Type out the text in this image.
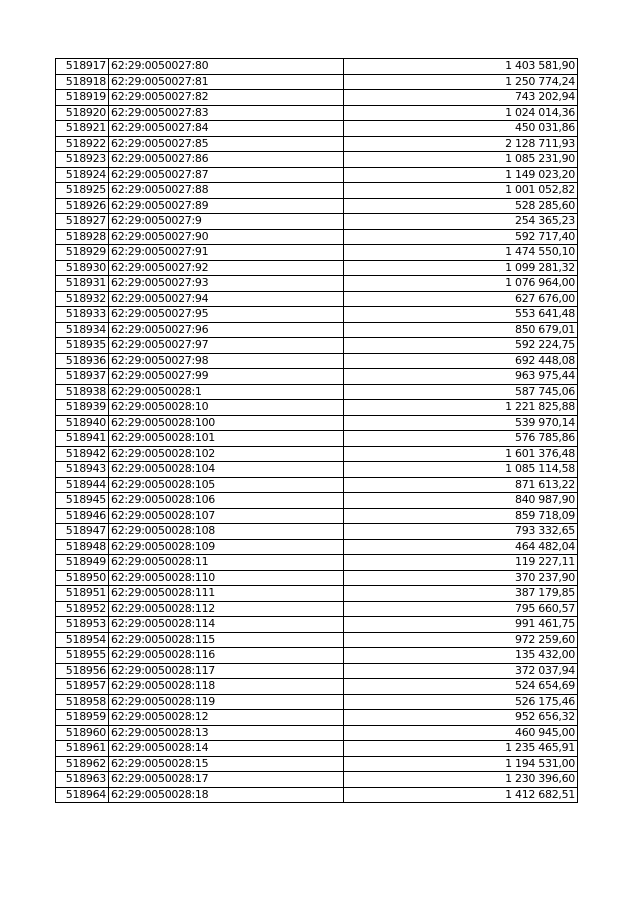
518917	62:29:0050027:80	1 403 581,90
518918	62:29:0050027:81	1 250 774,24
518919	62:29:0050027:82	743 202,94
518920	62:29:0050027:83	1 024 014,36
518921	62:29:0050027:84	450 031,86
518922	62:29:0050027:85	2 128 711,93
518923	62:29:0050027:86	1 085 231,90
518924	62:29:0050027:87	1 149 023,20
518925	62:29:0050027:88	1 001 052,82
518926	62:29:0050027:89	528 285,60
518927	62:29:0050027:9	254 365,23
518928	62:29:0050027:90	592 717,40
518929	62:29:0050027:91	1 474 550,10
518930	62:29:0050027:92	1 099 281,32
518931	62:29:0050027:93	1 076 964,00
518932	62:29:0050027:94	627 676,00
518933	62:29:0050027:95	553 641,48
518934	62:29:0050027:96	850 679,01
518935	62:29:0050027:97	592 224,75
518936	62:29:0050027:98	692 448,08
518937	62:29:0050027:99	963 975,44
518938	62:29:0050028:1	587 745,06
518939	62:29:0050028:10	1 221 825,88
518940	62:29:0050028:100	539 970,14
518941	62:29:0050028:101	576 785,86
518942	62:29:0050028:102	1 601 376,48
518943	62:29:0050028:104	1 085 114,58
518944	62:29:0050028:105	871 613,22
518945	62:29:0050028:106	840 987,90
518946	62:29:0050028:107	859 718,09
518947	62:29:0050028:108	793 332,65
518948	62:29:0050028:109	464 482,04
518949	62:29:0050028:11	119 227,11
518950	62:29:0050028:110	370 237,90
518951	62:29:0050028:111	387 179,85
518952	62:29:0050028:112	795 660,57
518953	62:29:0050028:114	991 461,75
518954	62:29:0050028:115	972 259,60
518955	62:29:0050028:116	135 432,00
518956	62:29:0050028:117	372 037,94
518957	62:29:0050028:118	524 654,69
518958	62:29:0050028:119	526 175,46
518959	62:29:0050028:12	952 656,32
518960	62:29:0050028:13	460 945,00
518961	62:29:0050028:14	1 235 465,91
518962	62:29:0050028:15	1 194 531,00
518963	62:29:0050028:17	1 230 396,60
518964	62:29:0050028:18	1 412 682,51
